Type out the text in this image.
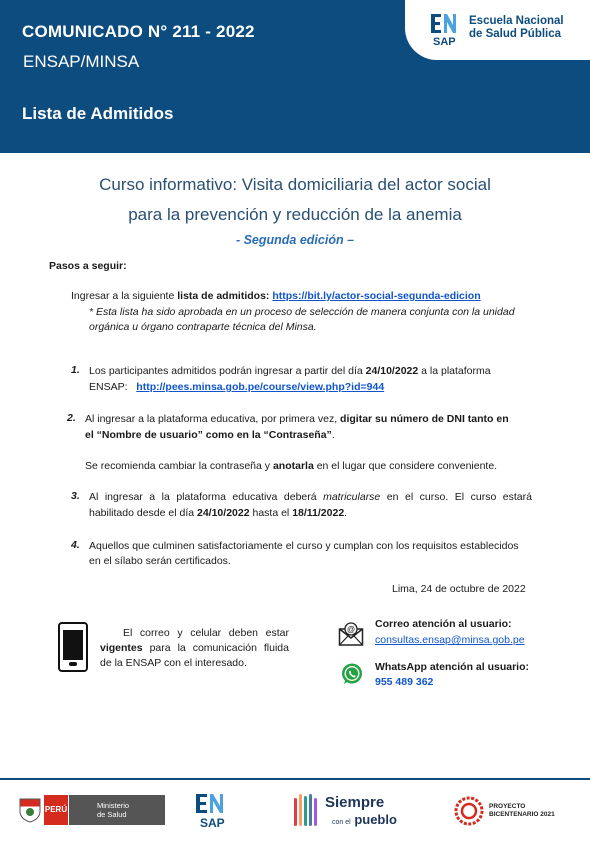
COMUNICADO N° 211 - 2022
ENSAP/MINSA
Lista de Admitidos
SAP
Escuela Nacional
de Salud Pública
Curso informativo: Visita domiciliaria del actor social
para la prevención y reducción de la anemia
- Segunda edición –
Pasos a seguir:
Ingresar a la siguiente lista de admitidos: https://bit.ly/actor-social-segunda-edicion
* Esta lista ha sido aprobada en un proceso de selección de manera conjunta con la unidad
orgánica u órgano contraparte técnica del Minsa.
1. Los participantes admitidos podrán ingresar a partir del día 24/10/2022 a la plataforma
ENSAP: http://pees.minsa.gob.pe/course/view.php?id=944
2. Al ingresar a la plataforma educativa, por primera vez, digitar su número de DNI tanto en
el “Nombre de usuario” como en la “Contraseña”.
Se recomienda cambiar la contraseña y anotarla en el lugar que considere conveniente.
3. Al ingresar a la plataforma educativa deberá matricularse en el curso. El curso estará
habilitado desde el día 24/10/2022 hasta el 18/11/2022.
4. Aquellos que culminen satisfactoriamente el curso y cumplan con los requisitos establecidos
en el sílabo serán certificados.
Lima, 24 de octubre de 2022
El correo y celular deben estar
vigentes para la comunicación fluida
de la ENSAP con el interesado.
@ Correo atención al usuario:
consultas.ensap@minsa.gob.pe
WhatsApp atención al usuario:
955 489 362
PERÚ	Ministerio
de Salud
SAP
Siempre
con el pueblo
PROYECTO
BICENTENARIO 2021
